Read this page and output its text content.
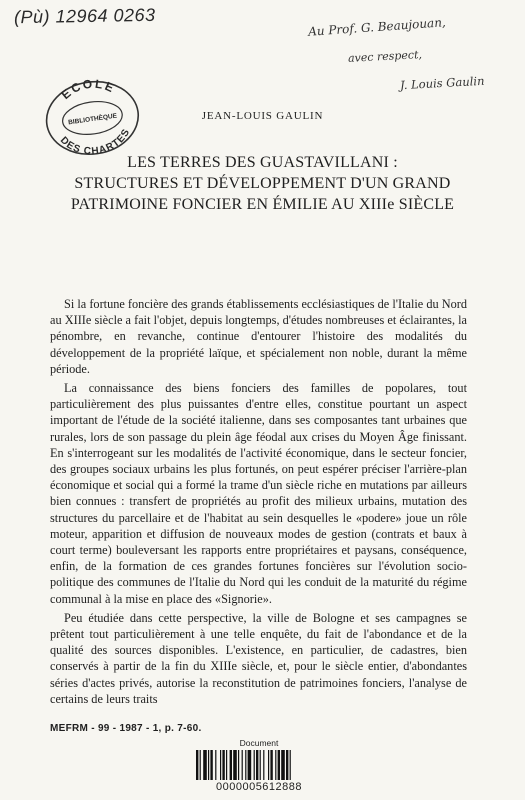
(Pù) 12964 0263	Au Prof. G. Beaujouan,
avec respect,
J. Louis Gaulin
ECOLE
BIBLIOTHÈQUE
DES CHARTES
JEAN-LOUIS GAULIN
LES TERRES DES GUASTAVILLANI :
STRUCTURES ET DÉVELOPPEMENT D'UN GRAND
PATRIMOINE FONCIER EN ÉMILIE AU XIIIe SIÈCLE

Si la fortune foncière des grands établissements ecclésiastiques de l'Italie du Nord au XIIIe siècle a fait l'objet, depuis longtemps, d'études nombreuses et éclairantes, la pénombre, en revanche, continue d'entourer l'histoire des modalités du développement de la propriété laïque, et spécialement non noble, durant la même période.

La connaissance des biens fonciers des familles de popolares, tout particulièrement des plus puissantes d'entre elles, constitue pourtant un aspect important de l'étude de la société italienne, dans ses composantes tant urbaines que rurales, lors de son passage du plein âge féodal aux crises du Moyen Âge finissant. En s'interrogeant sur les modalités de l'activité économique, dans le secteur foncier, des groupes sociaux urbains les plus fortunés, on peut espérer préciser l'arrière-plan économique et social qui a formé la trame d'un siècle riche en mutations par ailleurs bien connues : transfert de propriétés au profit des milieux urbains, mutation des structures du parcellaire et de l'habitat au sein desquelles le «podere» joue un rôle moteur, apparition et diffusion de nouveaux modes de gestion (contrats et baux à court terme) bouleversant les rapports entre propriétaires et paysans, conséquence, enfin, de la formation de ces grandes fortunes foncières sur l'évolution socio-politique des communes de l'Italie du Nord qui les conduit de la maturité du régime communal à la mise en place des «Signorie».

Peu étudiée dans cette perspective, la ville de Bologne et ses campagnes se prêtent tout particulièrement à une telle enquête, du fait de l'abondance et de la qualité des sources disponibles. L'existence, en particulier, de cadastres, bien conservés à partir de la fin du XIIIe siècle, et, pour le siècle entier, d'abondantes séries d'actes privés, autorise la reconstitution de patrimoines fonciers, l'analyse de certains de leurs traits

MEFRM - 99 - 1987 - 1, p. 7-60.
Document
0000005612888
